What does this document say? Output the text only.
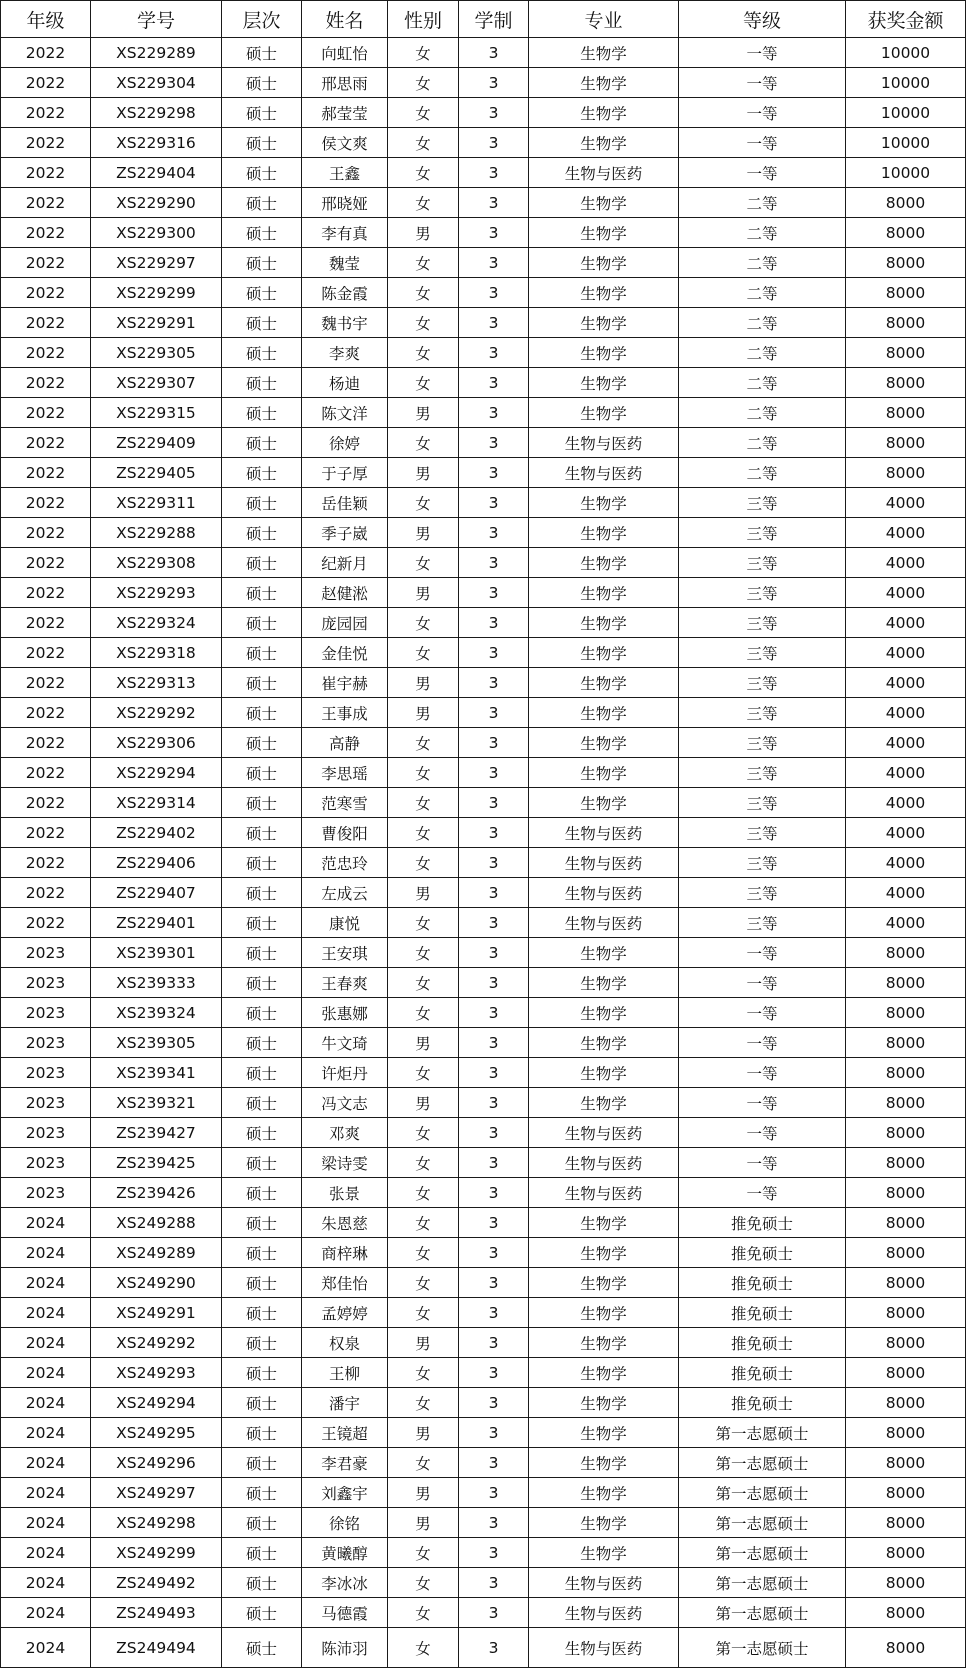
年级	学号	层次	姓名	性别	学制	专业	等级	获奖金额
2022	XS229289	硕士	向虹怡	女	3	生物学	一等	10000
2022	XS229304	硕士	邢思雨	女	3	生物学	一等	10000
2022	XS229298	硕士	郝莹莹	女	3	生物学	一等	10000
2022	XS229316	硕士	侯文爽	女	3	生物学	一等	10000
2022	ZS229404	硕士	王鑫	女	3	生物与医药	一等	10000
2022	XS229290	硕士	邢晓娅	女	3	生物学	二等	8000
2022	XS229300	硕士	李有真	男	3	生物学	二等	8000
2022	XS229297	硕士	魏莹	女	3	生物学	二等	8000
2022	XS229299	硕士	陈金霞	女	3	生物学	二等	8000
2022	XS229291	硕士	魏书宇	女	3	生物学	二等	8000
2022	XS229305	硕士	李爽	女	3	生物学	二等	8000
2022	XS229307	硕士	杨迪	女	3	生物学	二等	8000
2022	XS229315	硕士	陈文洋	男	3	生物学	二等	8000
2022	ZS229409	硕士	徐婷	女	3	生物与医药	二等	8000
2022	ZS229405	硕士	于子厚	男	3	生物与医药	二等	8000
2022	XS229311	硕士	岳佳颖	女	3	生物学	三等	4000
2022	XS229288	硕士	季子崴	男	3	生物学	三等	4000
2022	XS229308	硕士	纪新月	女	3	生物学	三等	4000
2022	XS229293	硕士	赵健淞	男	3	生物学	三等	4000
2022	XS229324	硕士	庞园园	女	3	生物学	三等	4000
2022	XS229318	硕士	金佳悦	女	3	生物学	三等	4000
2022	XS229313	硕士	崔宇赫	男	3	生物学	三等	4000
2022	XS229292	硕士	王事成	男	3	生物学	三等	4000
2022	XS229306	硕士	高静	女	3	生物学	三等	4000
2022	XS229294	硕士	李思瑶	女	3	生物学	三等	4000
2022	XS229314	硕士	范寒雪	女	3	生物学	三等	4000
2022	ZS229402	硕士	曹俊阳	女	3	生物与医药	三等	4000
2022	ZS229406	硕士	范忠玲	女	3	生物与医药	三等	4000
2022	ZS229407	硕士	左成云	男	3	生物与医药	三等	4000
2022	ZS229401	硕士	康悦	女	3	生物与医药	三等	4000
2023	XS239301	硕士	王安琪	女	3	生物学	一等	8000
2023	XS239333	硕士	王春爽	女	3	生物学	一等	8000
2023	XS239324	硕士	张惠娜	女	3	生物学	一等	8000
2023	XS239305	硕士	牛文琦	男	3	生物学	一等	8000
2023	XS239341	硕士	许炬丹	女	3	生物学	一等	8000
2023	XS239321	硕士	冯文志	男	3	生物学	一等	8000
2023	ZS239427	硕士	邓爽	女	3	生物与医药	一等	8000
2023	ZS239425	硕士	梁诗雯	女	3	生物与医药	一等	8000
2023	ZS239426	硕士	张景	女	3	生物与医药	一等	8000
2024	XS249288	硕士	朱恩慈	女	3	生物学	推免硕士	8000
2024	XS249289	硕士	商梓琳	女	3	生物学	推免硕士	8000
2024	XS249290	硕士	郑佳怡	女	3	生物学	推免硕士	8000
2024	XS249291	硕士	孟婷婷	女	3	生物学	推免硕士	8000
2024	XS249292	硕士	权泉	男	3	生物学	推免硕士	8000
2024	XS249293	硕士	王柳	女	3	生物学	推免硕士	8000
2024	XS249294	硕士	潘宇	女	3	生物学	推免硕士	8000
2024	XS249295	硕士	王镜超	男	3	生物学	第一志愿硕士	8000
2024	XS249296	硕士	李君豪	女	3	生物学	第一志愿硕士	8000
2024	XS249297	硕士	刘鑫宇	男	3	生物学	第一志愿硕士	8000
2024	XS249298	硕士	徐铭	男	3	生物学	第一志愿硕士	8000
2024	XS249299	硕士	黄曦醇	女	3	生物学	第一志愿硕士	8000
2024	ZS249492	硕士	李冰冰	女	3	生物与医药	第一志愿硕士	8000
2024	ZS249493	硕士	马德霞	女	3	生物与医药	第一志愿硕士	8000
2024	ZS249494	硕士	陈沛羽	女	3	生物与医药	第一志愿硕士	8000
